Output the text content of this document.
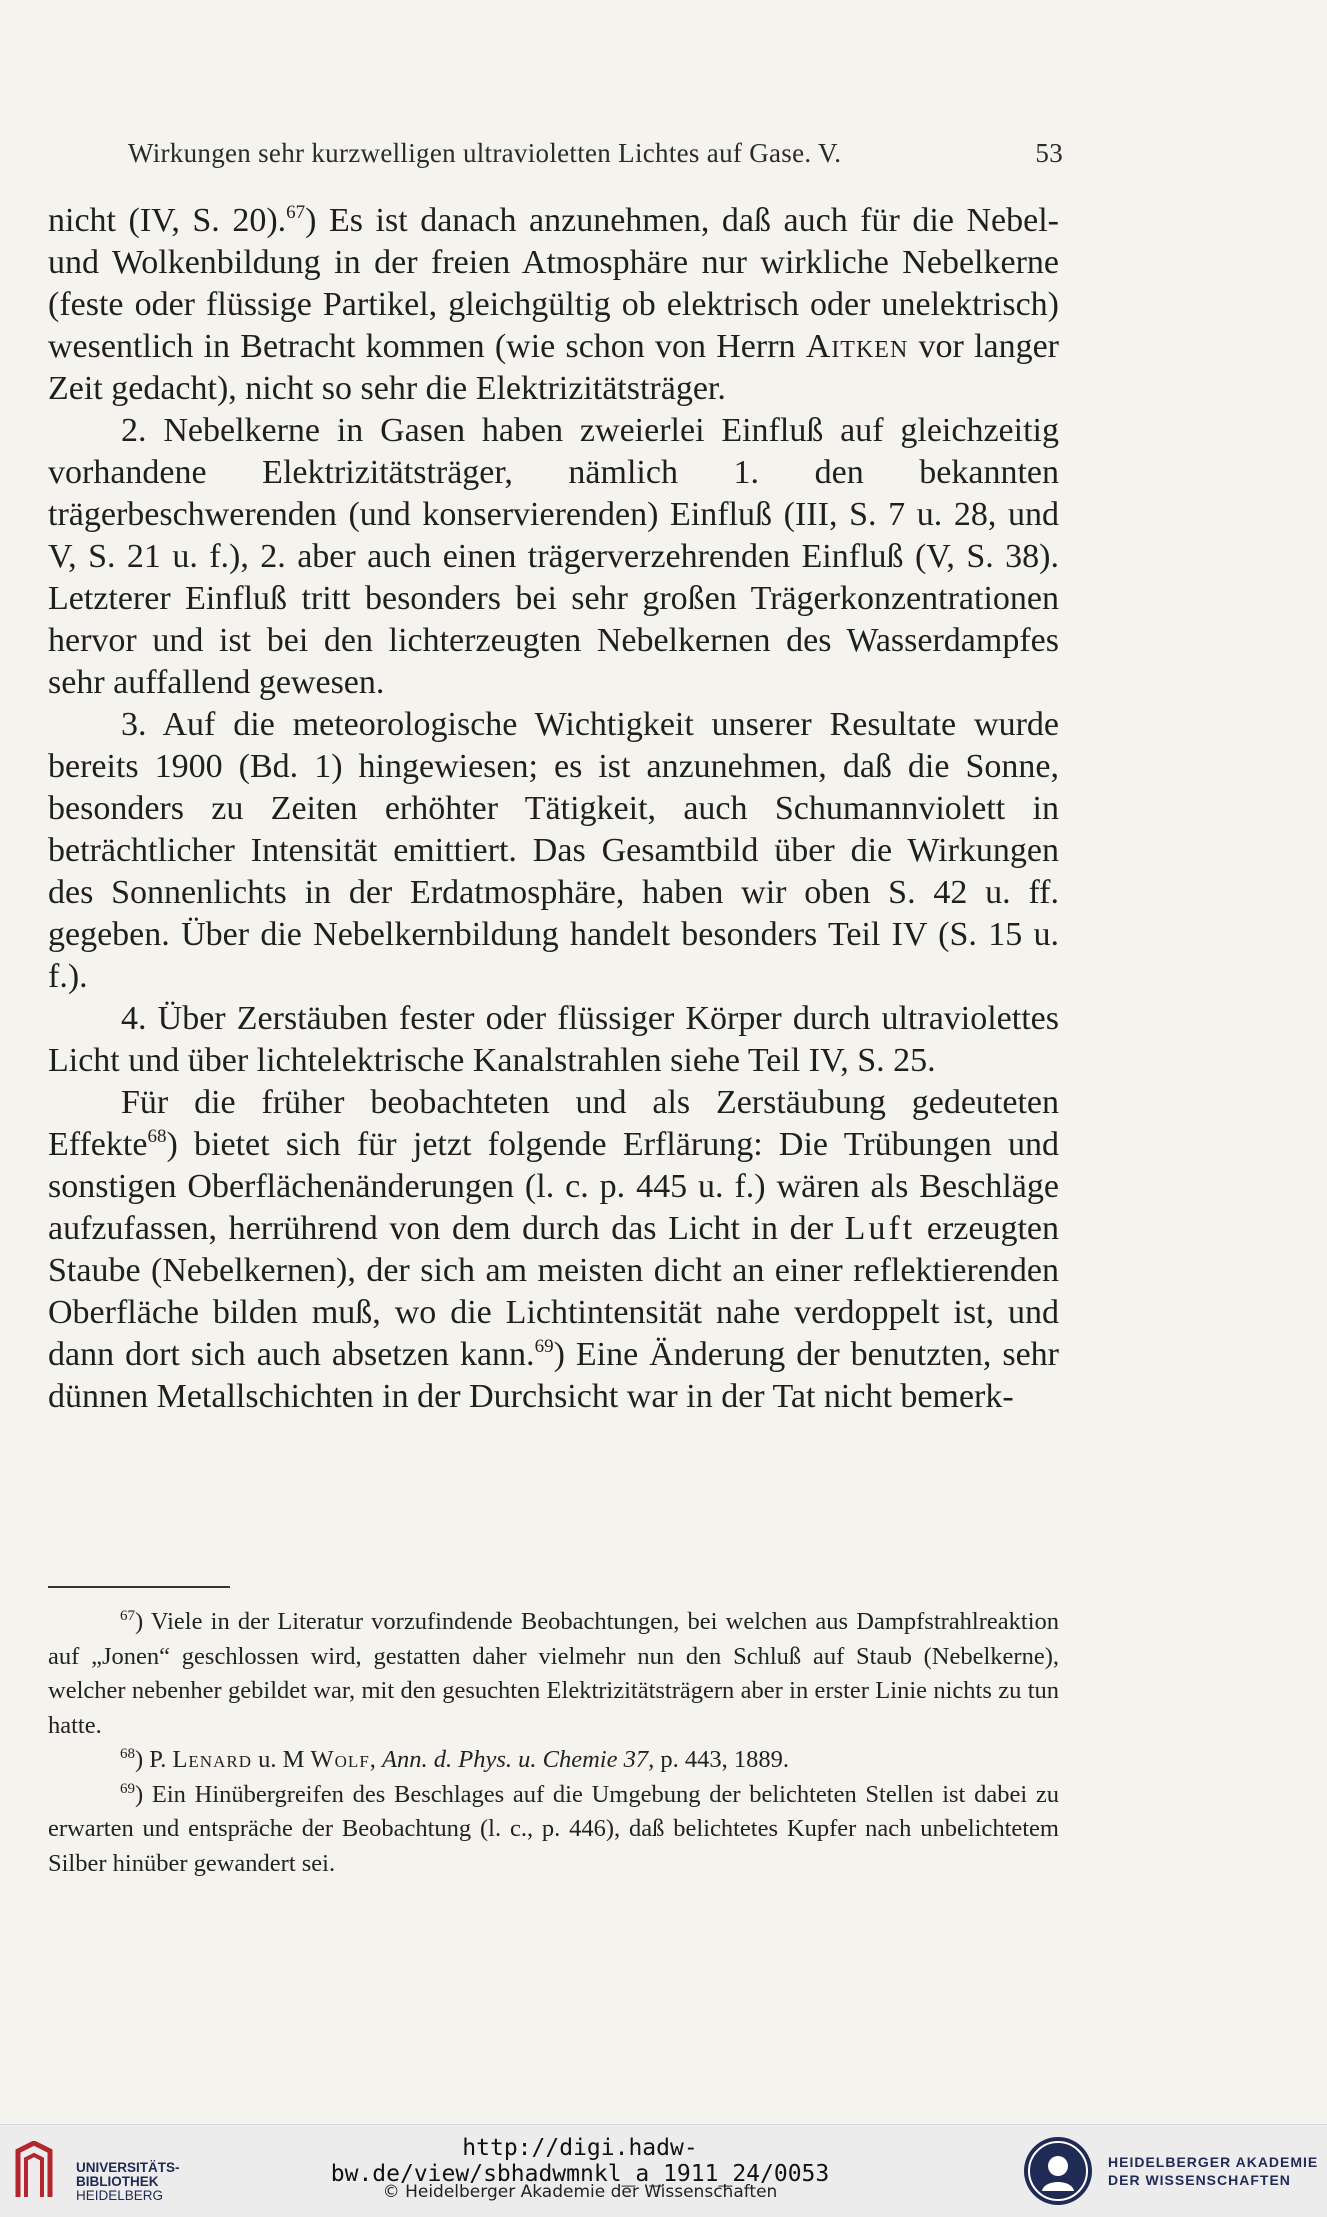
Wirkungen sehr kurzwelligen ultravioletten Lichtes auf Gase. V.	53

nicht (IV, S. 20).$^{67}$) Es ist danach anzunehmen, daß auch für die Nebel- und Wolkenbildung in der freien Atmosphäre nur wirkliche Nebelkerne (feste oder flüssige Partikel, gleichgültig ob elektrisch oder unelektrisch) wesentlich in Betracht kommen (wie schon von Herrn Aitken vor langer Zeit gedacht), nicht so sehr die Elektrizitätsträger.

2. Nebelkerne in Gasen haben zweierlei Einfluß auf gleichzeitig vorhandene Elektrizitätsträger, nämlich 1. den bekannten trägerbeschwerenden (und konservierenden) Einfluß (III, S. 7 u. 28, und V, S. 21 u. f.), 2. aber auch einen trägerverzehrenden Einfluß (V, S. 38). Letzterer Einfluß tritt besonders bei sehr großen Trägerkonzentrationen hervor und ist bei den lichterzeugten Nebelkernen des Wasserdampfes sehr auffallend gewesen.

3. Auf die meteorologische Wichtigkeit unserer Resultate wurde bereits 1900 (Bd. 1) hingewiesen; es ist anzunehmen, daß die Sonne, besonders zu Zeiten erhöhter Tätigkeit, auch Schumannviolett in beträchtlicher Intensität emittiert. Das Gesamtbild über die Wirkungen des Sonnenlichts in der Erdatmosphäre, haben wir oben S. 42 u. ff. gegeben. Über die Nebelkernbildung handelt besonders Teil IV (S. 15 u. f.).

4. Über Zerstäuben fester oder flüssiger Körper durch ultraviolettes Licht und über lichtelektrische Kanalstrahlen siehe Teil IV, S. 25.

Für die früher beobachteten und als Zerstäubung gedeuteten Effekte$^{68}$) bietet sich für jetzt folgende Erflärung: Die Trübungen und sonstigen Oberflächenänderungen (l. c. p. 445 u. f.) wären als Beschläge aufzufassen, herrührend von dem durch das Licht in der Luft erzeugten Staube (Nebelkernen), der sich am meisten dicht an einer reflektierenden Oberfläche bilden muß, wo die Lichtintensität nahe verdoppelt ist, und dann dort sich auch absetzen kann.$^{69}$) Eine Änderung der benutzten, sehr dünnen Metallschichten in der Durchsicht war in der Tat nicht bemerk-

$^{67}$) Viele in der Literatur vorzufindende Beobachtungen, bei welchen aus Dampfstrahlreaktion auf „Jonen“ geschlossen wird, gestatten daher vielmehr nun den Schluß auf Staub (Nebelkerne), welcher nebenher gebildet war, mit den gesuchten Elektrizitätsträgern aber in erster Linie nichts zu tun hatte.

$^{68}$) P. Lenard u. M Wolf, Ann. d. Phys. u. Chemie 37, p. 443, 1889.

$^{69}$) Ein Hinübergreifen des Beschlages auf die Umgebung der belichteten Stellen ist dabei zu erwarten und entspräche der Beobachtung (l. c., p. 446), daß belichtetes Kupfer nach unbelichtetem Silber hinüber gewandert sei.

UNIVERSITÄTS-
BIBLIOTHEK
HEIDELBERG
http://digi.hadw-bw.de/view/sbhadwmnkl_a_1911_24/0053
© Heidelberger Akademie der Wissenschaften
HEIDELBERGER AKADEMIE
DER WISSENSCHAFTEN
